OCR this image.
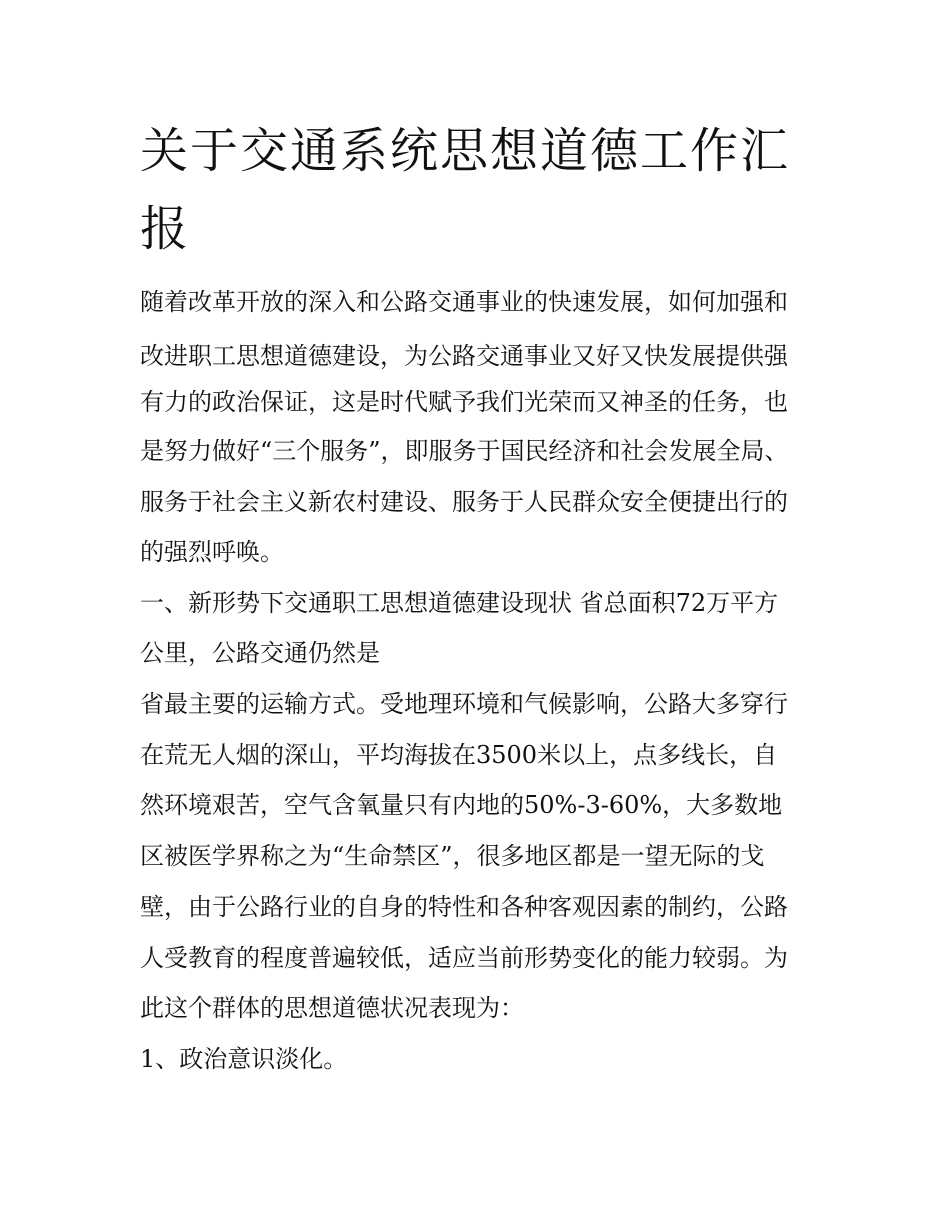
关于交通系统思想道德工作汇报

随着改革开放的深入和公路交通事业的快速发展，如何加强和

改进职工思想道德建设，为公路交通事业又好又快发展提供强

有力的政治保证，这是时代赋予我们光荣而又神圣的任务，也

是努力做好“三个服务”，即服务于国民经济和社会发展全局、

服务于社会主义新农村建设、服务于人民群众安全便捷出行的

的强烈呼唤。

一、新形势下交通职工思想道德建设现状 省总面积72万平方

公里，公路交通仍然是

省最主要的运输方式。受地理环境和气候影响，公路大多穿行

在荒无人烟的深山，平均海拔在3500米以上，点多线长，自

然环境艰苦，空气含氧量只有内地的50%-3-60%，大多数地

区被医学界称之为“生命禁区”，很多地区都是一望无际的戈

壁，由于公路行业的自身的特性和各种客观因素的制约，公路

人受教育的程度普遍较低，适应当前形势变化的能力较弱。为

此这个群体的思想道德状况表现为：

1、政治意识淡化。
